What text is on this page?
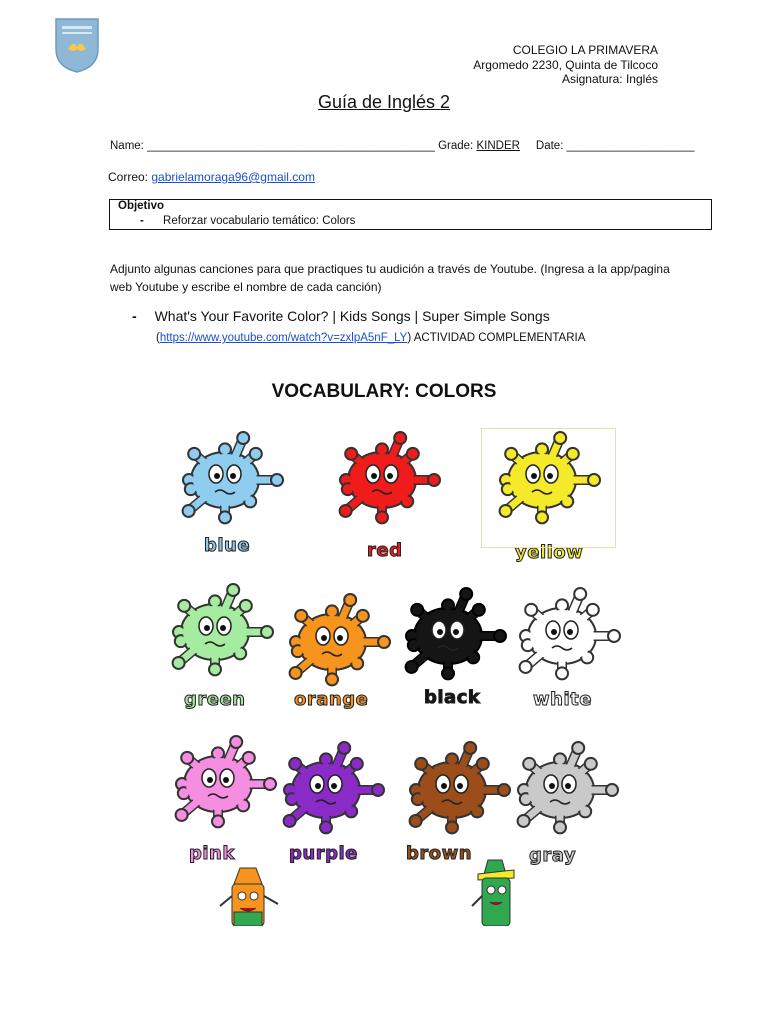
COLEGIO LA PRIMAVERA
Argomedo 2230, Quinta de Tilcoco
Asignatura: Inglés
Guía de Inglés 2
Name: _____________________________________________ Grade: KINDER Date: ____________________
Correo: gabrielamoraga96@gmail.com
Objetivo
- Reforzar vocabulario temático: Colors
Adjunto algunas canciones para que practiques tu audición a través de Youtube. (Ingresa a la app/pagina web Youtube y escribe el nombre de cada canción)
- What's Your Favorite Color? | Kids Songs | Super Simple Songs
(https://www.youtube.com/watch?v=zxlpA5nF_LY) ACTIVIDAD COMPLEMENTARIA
VOCABULARY: COLORS
blue	red	yellow
green	orange	black	white
pink	purple	brown	gray
